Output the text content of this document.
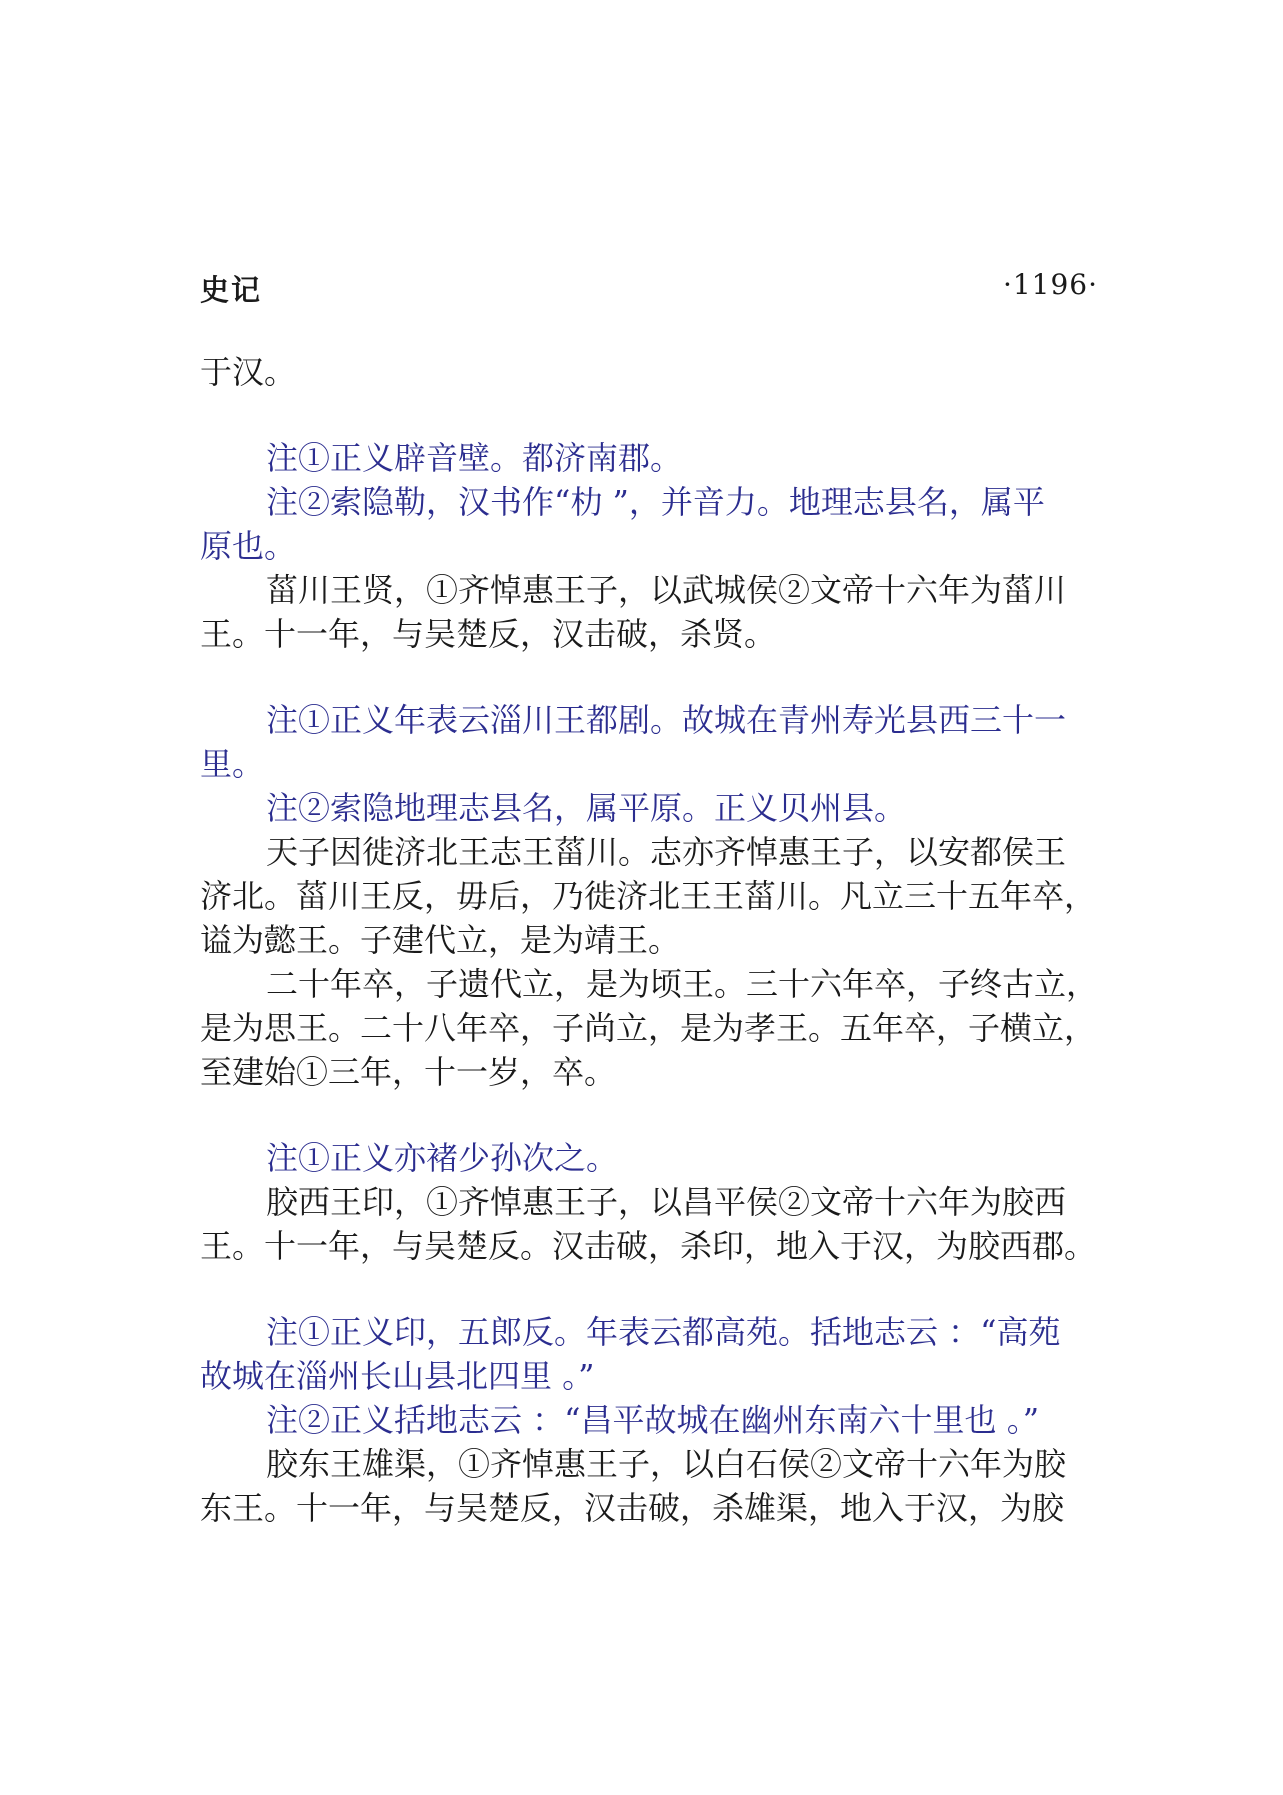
史记	·1196·
于汉。
注①正义辟音壁。都济南郡。
注②索隐勒，汉书作“朸 ”，并音力。地理志县名，属平
原也。
菑川王贤，①齐悼惠王子，以武城侯②文帝十六年为菑川
王。十一年，与吴楚反，汉击破，杀贤。
注①正义年表云淄川王都剧。故城在青州寿光县西三十一
里。
注②索隐地理志县名，属平原。正义贝州县。
天子因徙济北王志王菑川。志亦齐悼惠王子，以安都侯王
济北。菑川王反，毋后，乃徙济北王王菑川。凡立三十五年卒，
谥为懿王。子建代立，是为靖王。
二十年卒，子遗代立，是为顷王。三十六年卒，子终古立，
是为思王。二十八年卒，子尚立，是为孝王。五年卒，子横立，
至建始①三年，十一岁，卒。
注①正义亦褚少孙次之。
胶西王印，①齐悼惠王子，以昌平侯②文帝十六年为胶西
王。十一年，与吴楚反。汉击破，杀印，地入于汉，为胶西郡。
注①正义印，五郎反。年表云都高苑。括地志云 ：“高苑
故城在淄州长山县北四里 。”
注②正义括地志云 ：“昌平故城在幽州东南六十里也 。”
胶东王雄渠，①齐悼惠王子，以白石侯②文帝十六年为胶
东王。十一年，与吴楚反，汉击破，杀雄渠，地入于汉，为胶
